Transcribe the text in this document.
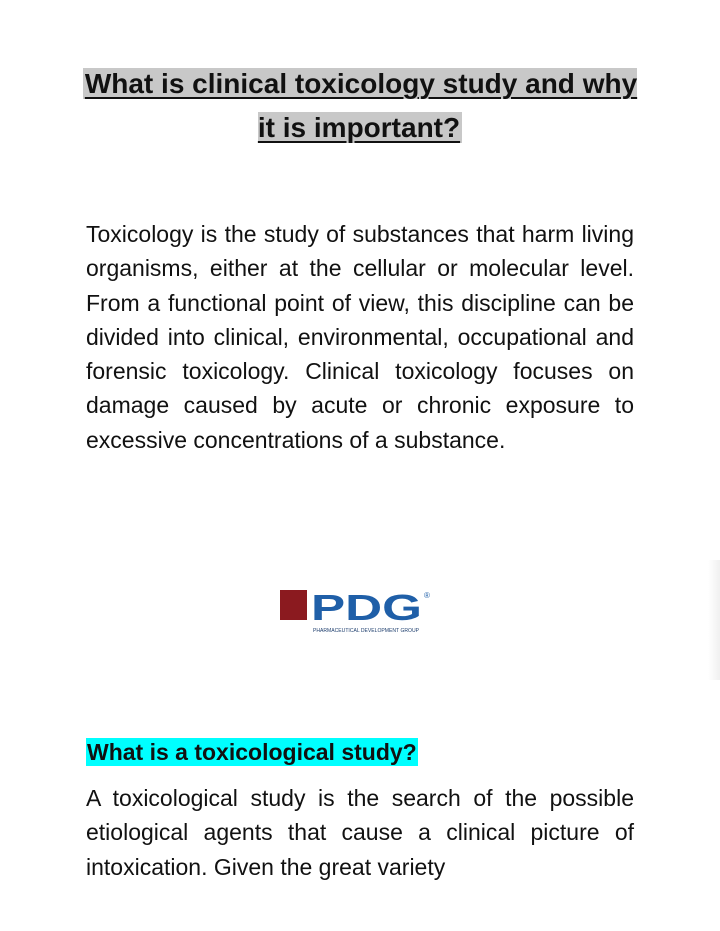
What is clinical toxicology study and why it is important?

Toxicology is the study of substances that harm living organisms, either at the cellular or molecular level. From a functional point of view, this discipline can be divided into clinical, environmental, occupational and forensic toxicology. Clinical toxicology focuses on damage caused by acute or chronic exposure to excessive concentrations of a substance.

PDG ®
PHARMACEUTICAL DEVELOPMENT GROUP
What is a toxicological study?

A toxicological study is the search of the possible etiological agents that cause a clinical picture of intoxication. Given the great variety
